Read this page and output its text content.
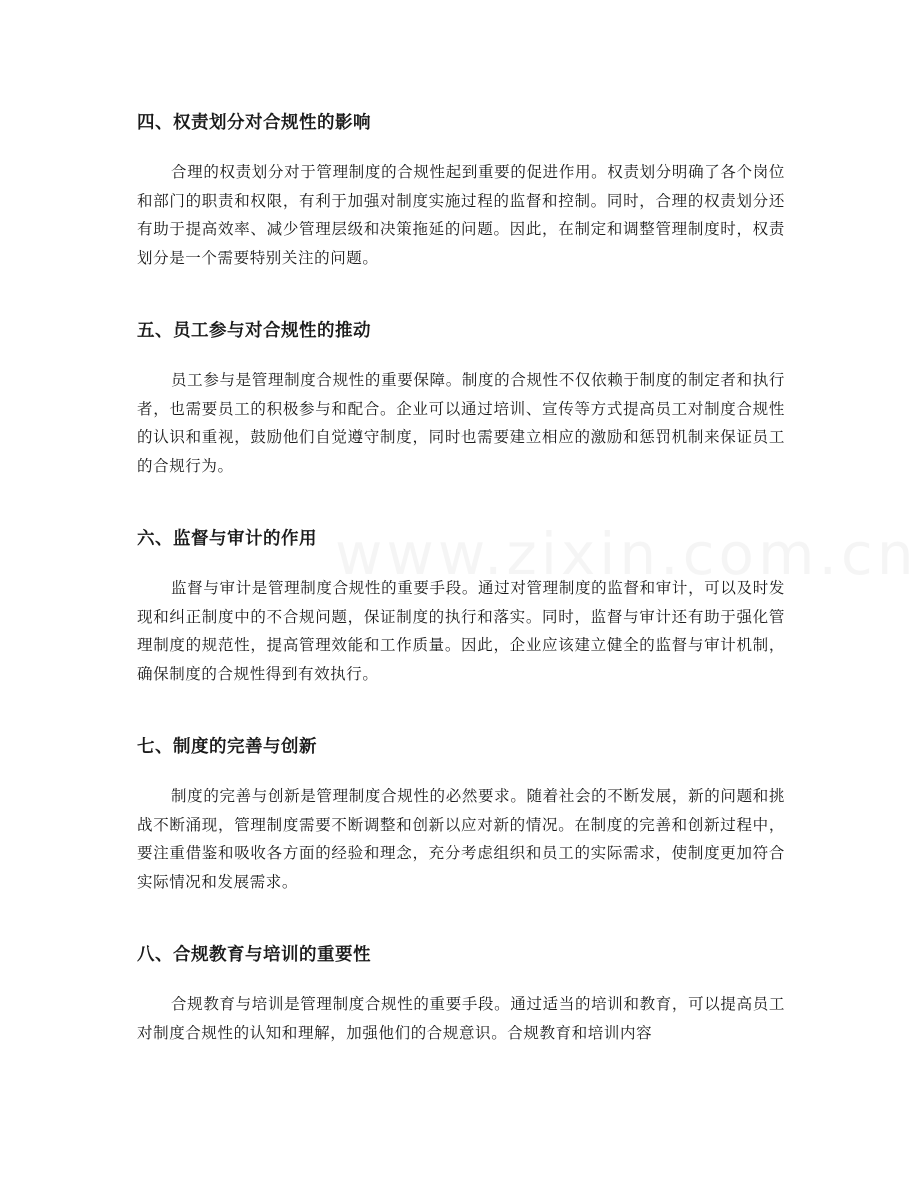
四、权责划分对合规性的影响

合理的权责划分对于管理制度的合规性起到重要的促进作用。权责划分明确了各个岗位和部门的职责和权限，有利于加强对制度实施过程的监督和控制。同时，合理的权责划分还有助于提高效率、减少管理层级和决策拖延的问题。因此，在制定和调整管理制度时，权责划分是一个需要特别关注的问题。

五、员工参与对合规性的推动

员工参与是管理制度合规性的重要保障。制度的合规性不仅依赖于制度的制定者和执行者，也需要员工的积极参与和配合。企业可以通过培训、宣传等方式提高员工对制度合规性的认识和重视，鼓励他们自觉遵守制度，同时也需要建立相应的激励和惩罚机制来保证员工的合规行为。

六、监督与审计的作用

监督与审计是管理制度合规性的重要手段。通过对管理制度的监督和审计，可以及时发现和纠正制度中的不合规问题，保证制度的执行和落实。同时，监督与审计还有助于强化管理制度的规范性，提高管理效能和工作质量。因此，企业应该建立健全的监督与审计机制，确保制度的合规性得到有效执行。

七、制度的完善与创新

制度的完善与创新是管理制度合规性的必然要求。随着社会的不断发展，新的问题和挑战不断涌现，管理制度需要不断调整和创新以应对新的情况。在制度的完善和创新过程中，要注重借鉴和吸收各方面的经验和理念，充分考虑组织和员工的实际需求，使制度更加符合实际情况和发展需求。

八、合规教育与培训的重要性

合规教育与培训是管理制度合规性的重要手段。通过适当的培训和教育，可以提高员工对制度合规性的认知和理解，加强他们的合规意识。合规教育和培训内容
